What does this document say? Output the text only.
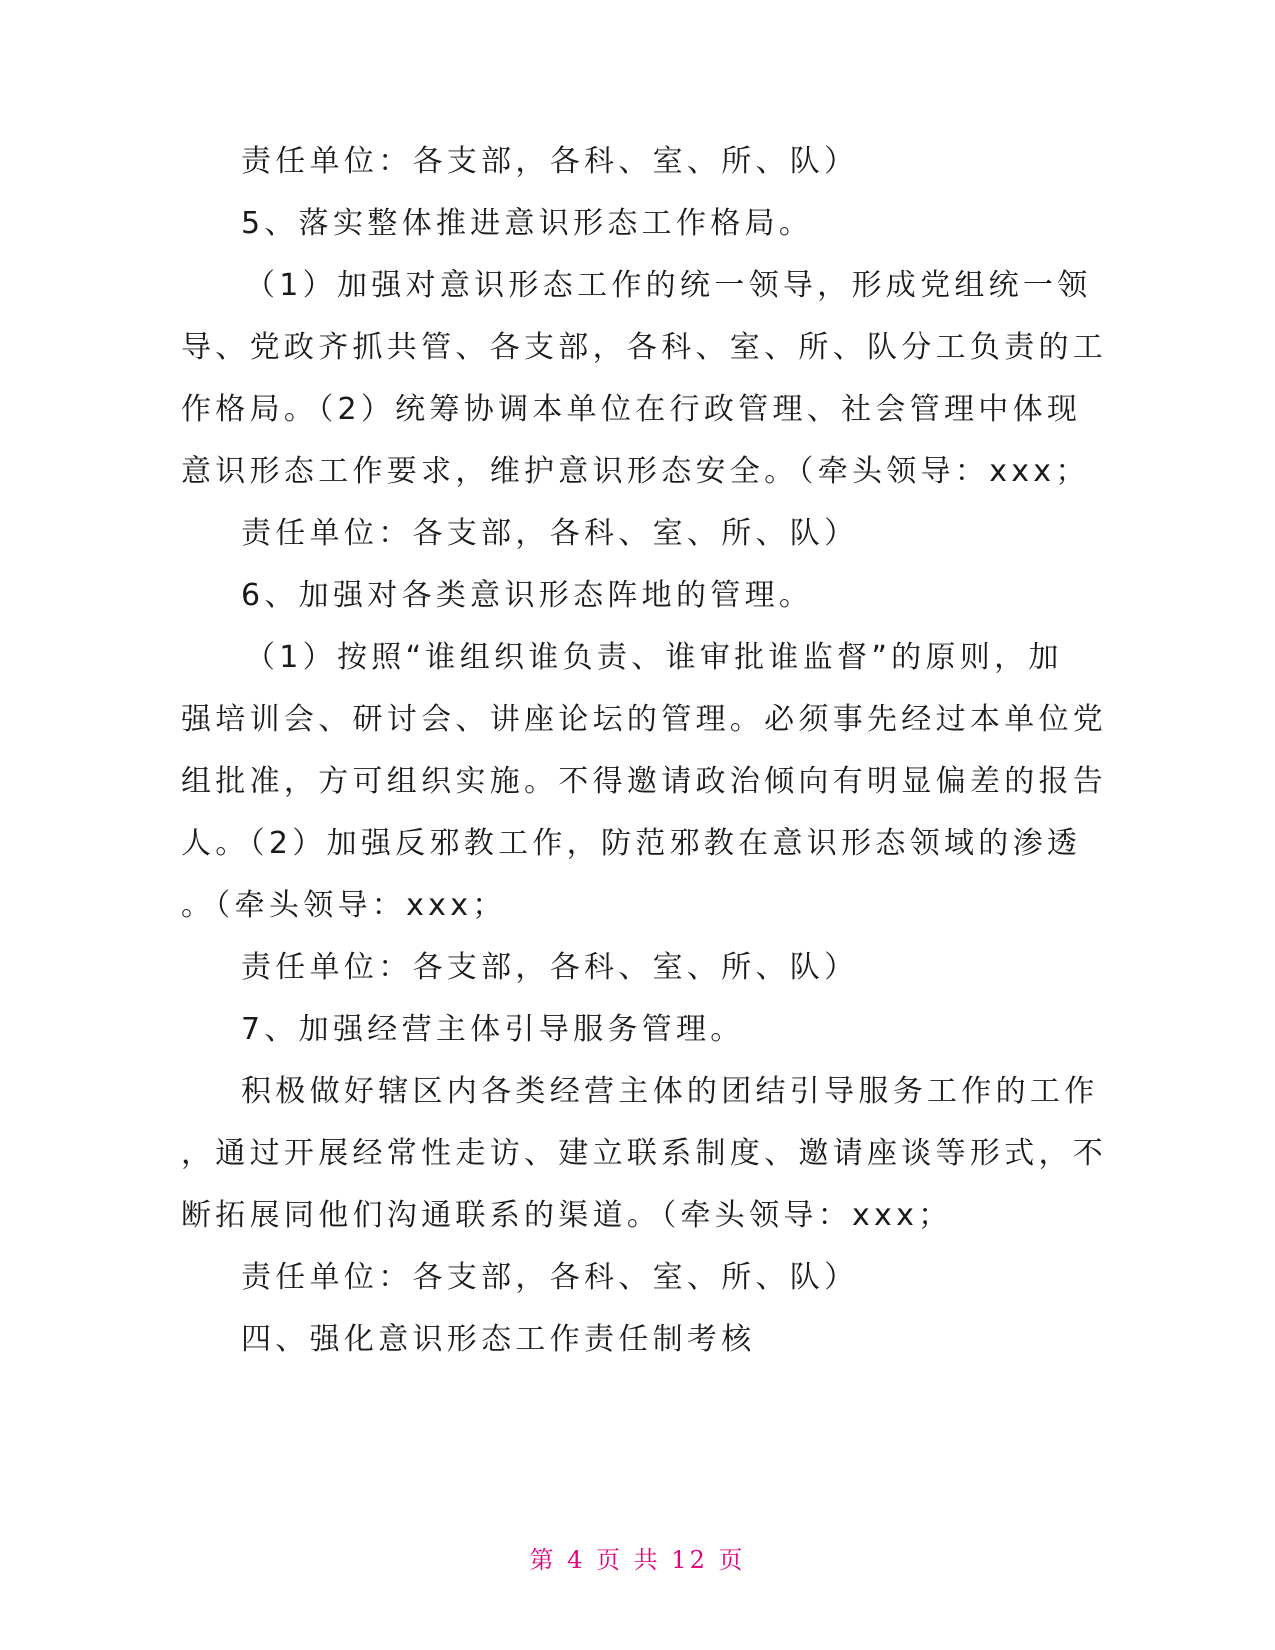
责任单位：各支部，各科、室、所、队）
5、落实整体推进意识形态工作格局。
（1）加强对意识形态工作的统一领导，形成党组统一领
导、党政齐抓共管、各支部，各科、室、所、队分工负责的工
作格局。（2）统筹协调本单位在行政管理、社会管理中体现
意识形态工作要求，维护意识形态安全。（牵头领导：xxx；
责任单位：各支部，各科、室、所、队）
6、加强对各类意识形态阵地的管理。
（1）按照“谁组织谁负责、谁审批谁监督”的原则，加
强培训会、研讨会、讲座论坛的管理。必须事先经过本单位党
组批准，方可组织实施。不得邀请政治倾向有明显偏差的报告
人。（2）加强反邪教工作，防范邪教在意识形态领域的渗透
。（牵头领导：xxx；
责任单位：各支部，各科、室、所、队）
7、加强经营主体引导服务管理。
积极做好辖区内各类经营主体的团结引导服务工作的工作
，通过开展经常性走访、建立联系制度、邀请座谈等形式，不
断拓展同他们沟通联系的渠道。（牵头领导：xxx；
责任单位：各支部，各科、室、所、队）
四、强化意识形态工作责任制考核
第 4 页 共 12 页
